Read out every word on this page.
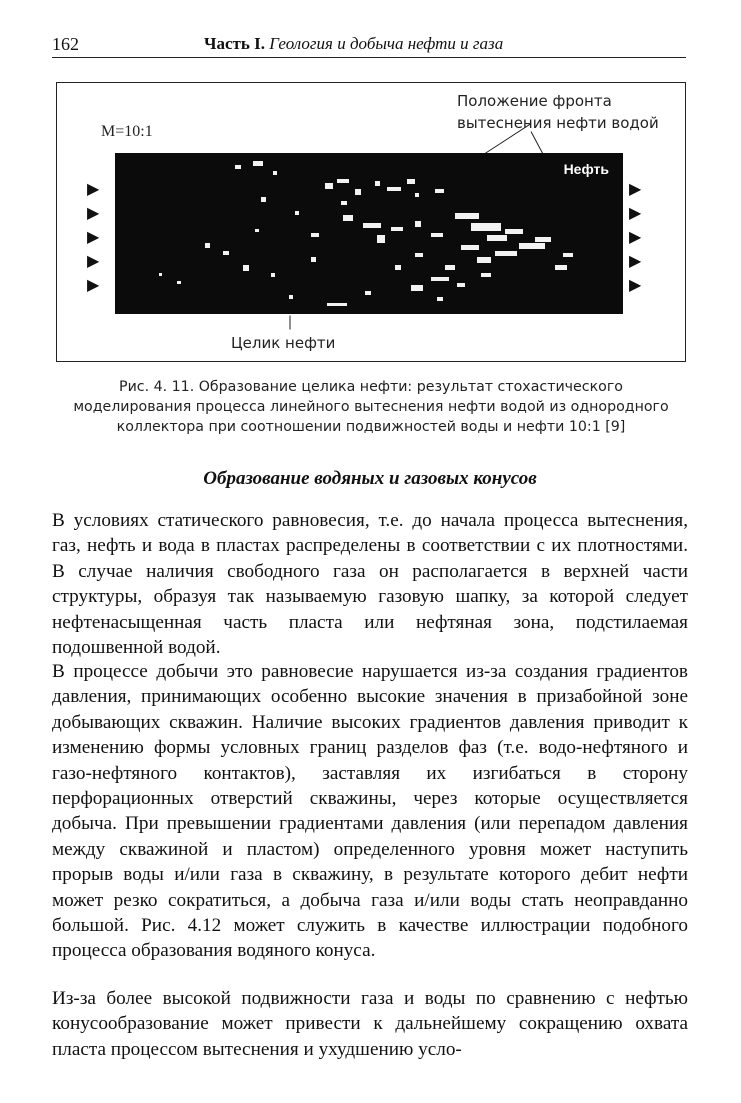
162	Часть I. Геология и добыча нефти и газа
Положение фронта вытеснения нефти водой
M=10:1
▶
▶
▶
▶
▶
Нефть
▶
▶
▶
▶
▶
Целик нефти
Рис. 4. 11. Образование целика нефти: результат стохастического моделирования процесса линейного вытеснения нефти водой из однородного коллектора при соотношении подвижностей воды и нефти 10:1 [9]
Образование водяных и газовых конусов
В условиях статического равновесия, т.е. до начала процесса вытеснения, газ, нефть и вода в пластах распределены в соответствии с их плотностями. В случае наличия свободного газа он располагается в верхней части структуры, образуя так называемую газовую шапку, за которой следует нефтенасыщенная часть пласта или нефтяная зона, подстилаемая подошвенной водой.
В процессе добычи это равновесие нарушается из-за создания градиентов давления, принимающих особенно высокие значения в призабойной зоне добывающих скважин. Наличие высоких градиентов давления приводит к изменению формы условных границ разделов фаз (т.е. водо-нефтяного и газо-нефтяного контактов), заставляя их изгибаться в сторону перфорационных отверстий скважины, через которые осуществляется добыча. При превышении градиентами давления (или перепадом давления между скважиной и пластом) определенного уровня может наступить прорыв воды и/или газа в скважину, в результате которого дебит нефти может резко сократиться, а добыча газа и/или воды стать неоправданно большой. Рис. 4.12 может служить в качестве иллюстрации подобного процесса образования водяного конуса.
Из-за более высокой подвижности газа и воды по сравнению с нефтью конусообразование может привести к дальнейшему сокращению охвата пласта процессом вытеснения и ухудшению усло-
